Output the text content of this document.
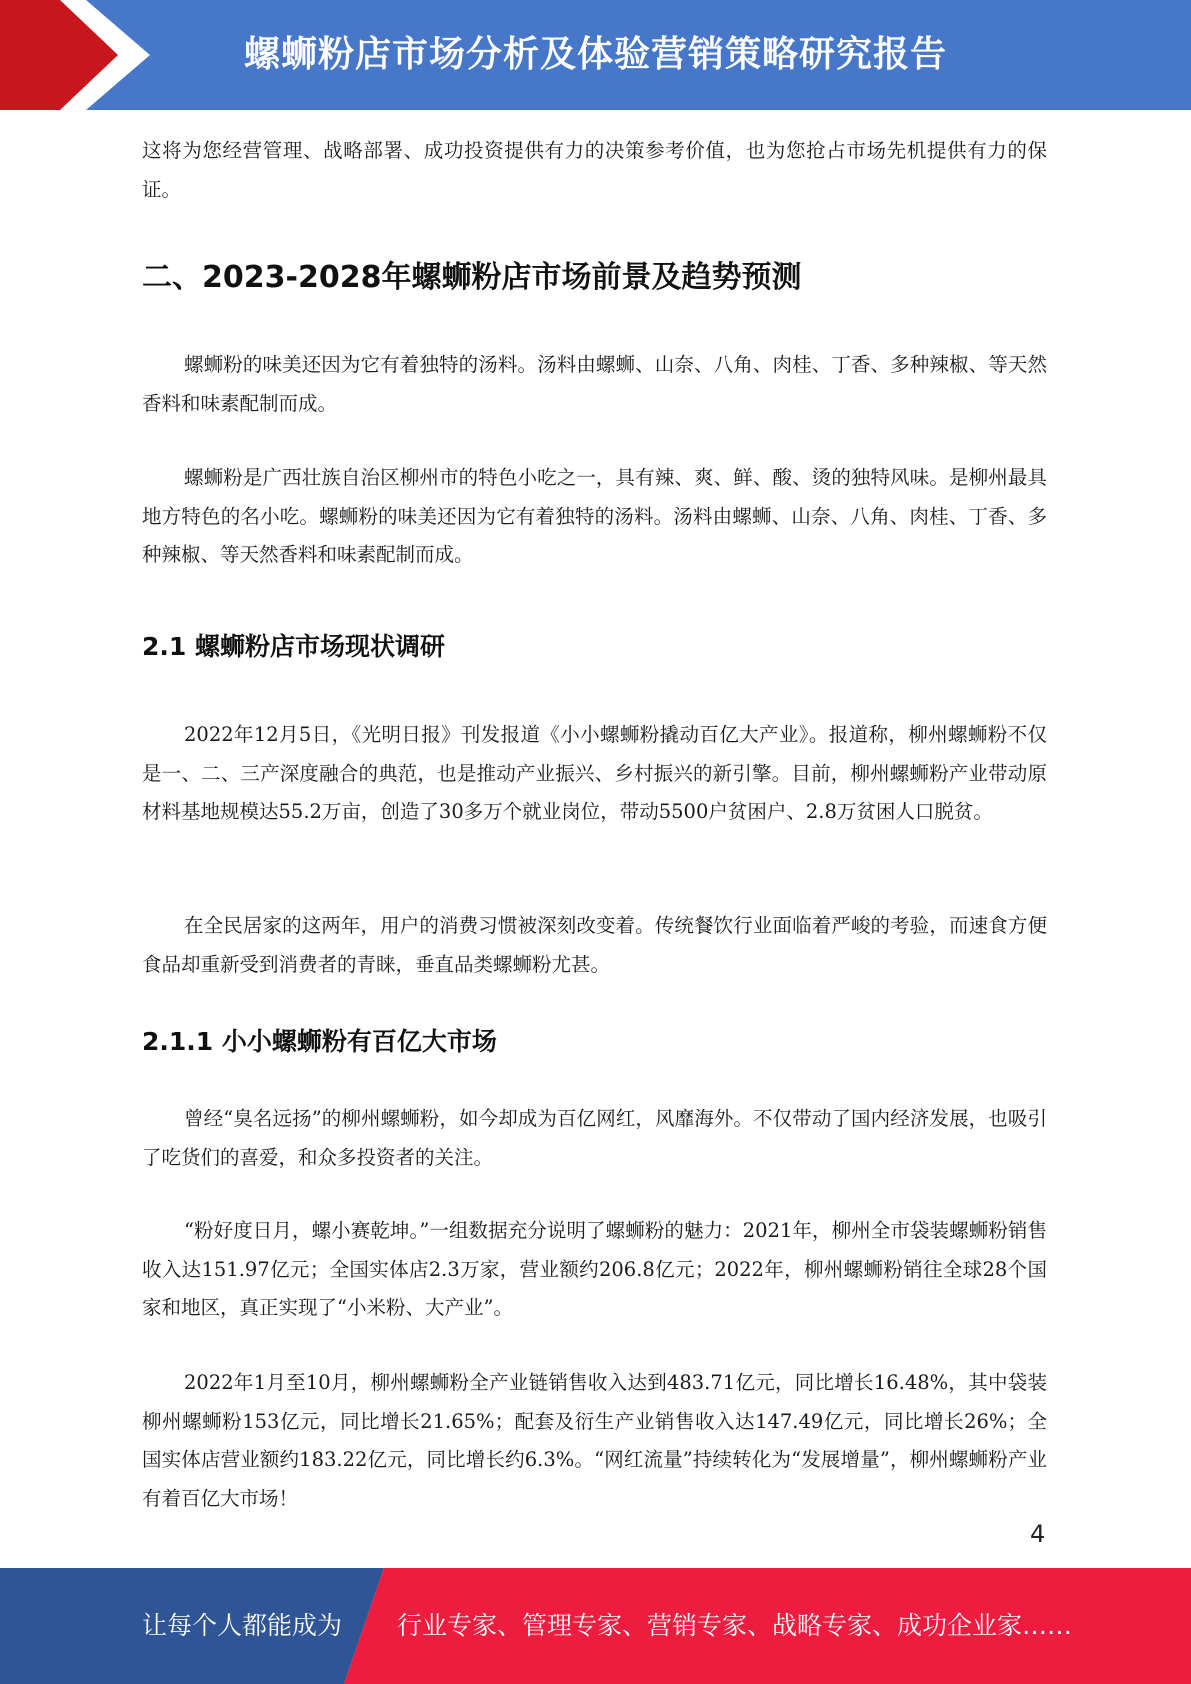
螺蛳粉店市场分析及体验营销策略研究报告

这将为您经营管理、战略部署、成功投资提供有力的决策参考价值，也为您抢占市场先机提供有力的保证。

二、2023-2028年螺蛳粉店市场前景及趋势预测

螺蛳粉的味美还因为它有着独特的汤料。汤料由螺蛳、山奈、八角、肉桂、丁香、多种辣椒、等天然香料和味素配制而成。

螺蛳粉是广西壮族自治区柳州市的特色小吃之一，具有辣、爽、鲜、酸、烫的独特风味。是柳州最具地方特色的名小吃。螺蛳粉的味美还因为它有着独特的汤料。汤料由螺蛳、山奈、八角、肉桂、丁香、多种辣椒、等天然香料和味素配制而成。

2.1 螺蛳粉店市场现状调研

2022年12月5日，《光明日报》刊发报道《小小螺蛳粉撬动百亿大产业》。报道称，柳州螺蛳粉不仅是一、二、三产深度融合的典范，也是推动产业振兴、乡村振兴的新引擎。目前，柳州螺蛳粉产业带动原材料基地规模达55.2万亩，创造了30多万个就业岗位，带动5500户贫困户、2.8万贫困人口脱贫。

在全民居家的这两年，用户的消费习惯被深刻改变着。传统餐饮行业面临着严峻的考验，而速食方便食品却重新受到消费者的青睐，垂直品类螺蛳粉尤甚。

2.1.1 小小螺蛳粉有百亿大市场

曾经“臭名远扬”的柳州螺蛳粉，如今却成为百亿网红，风靡海外。不仅带动了国内经济发展，也吸引了吃货们的喜爱，和众多投资者的关注。

“粉好度日月，螺小赛乾坤。”一组数据充分说明了螺蛳粉的魅力：2021年，柳州全市袋装螺蛳粉销售收入达151.97亿元；全国实体店2.3万家，营业额约206.8亿元；2022年，柳州螺蛳粉销往全球28个国家和地区，真正实现了“小米粉、大产业”。

2022年1月至10月，柳州螺蛳粉全产业链销售收入达到483.71亿元，同比增长16.48%，其中袋装柳州螺蛳粉153亿元，同比增长21.65%；配套及衍生产业销售收入达147.49亿元，同比增长26%；全国实体店营业额约183.22亿元，同比增长约6.3%。“网红流量”持续转化为“发展增量”，柳州螺蛳粉产业有着百亿大市场！

4
让每个人都能成为 行业专家、管理专家、营销专家、战略专家、成功企业家……
